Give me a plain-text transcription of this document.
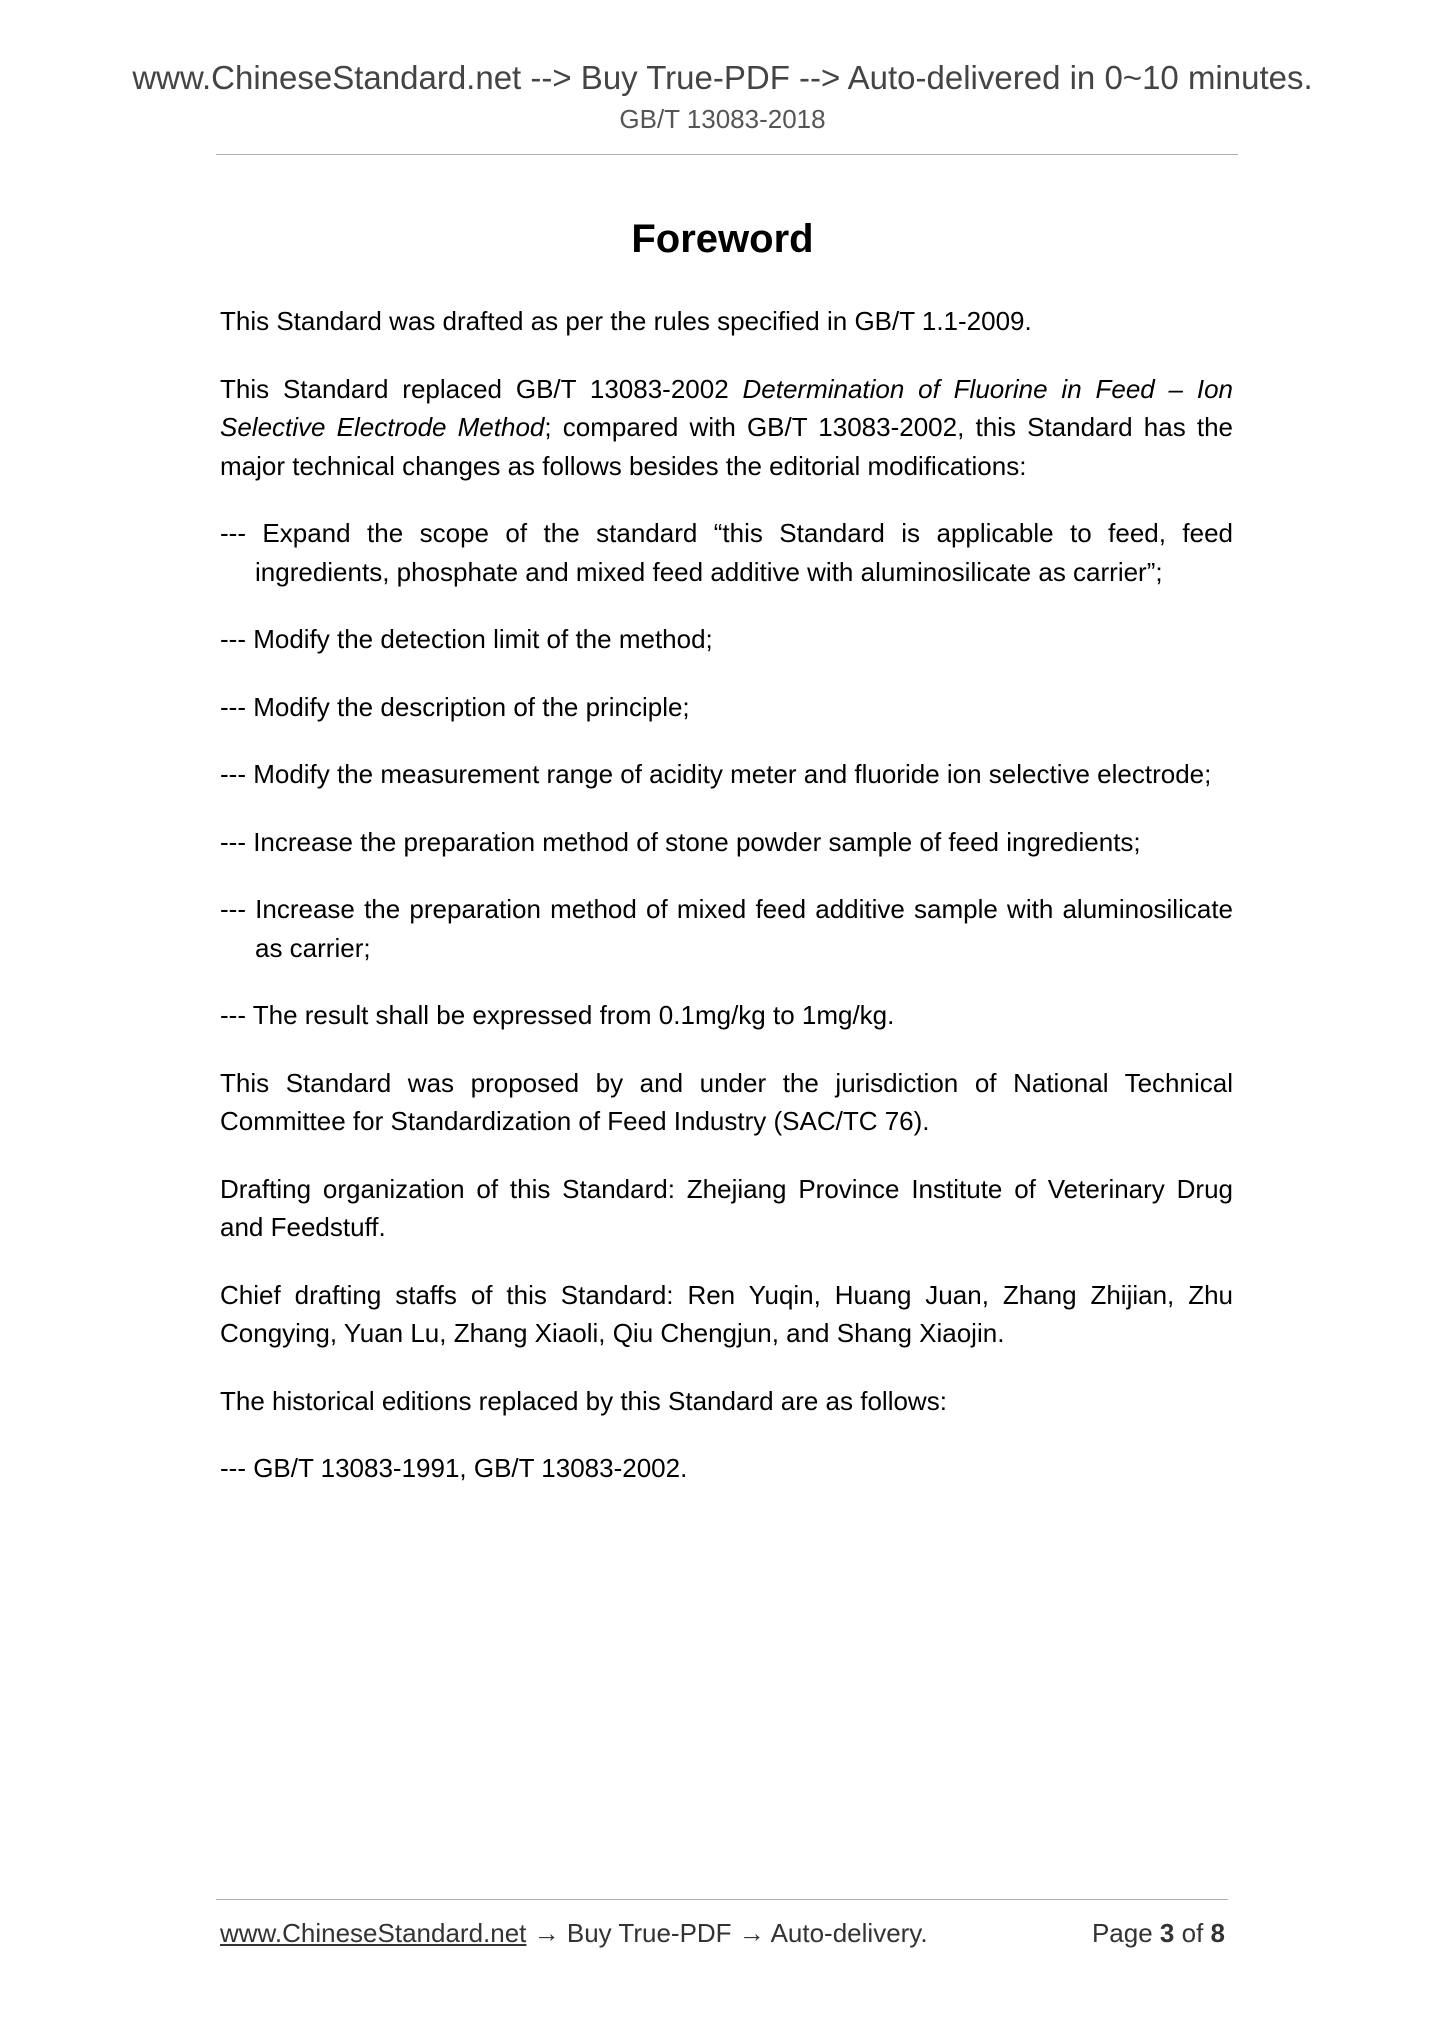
www.ChineseStandard.net --> Buy True-PDF --> Auto-delivered in 0~10 minutes.
GB/T 13083-2018
Foreword

This Standard was drafted as per the rules specified in GB/T 1.1-2009.

This Standard replaced GB/T 13083-2002 Determination of Fluorine in Feed – Ion Selective Electrode Method; compared with GB/T 13083-2002, this Standard has the major technical changes as follows besides the editorial modifications:

--- Expand the scope of the standard “this Standard is applicable to feed, feed ingredients, phosphate and mixed feed additive with aluminosilicate as carrier”;

--- Modify the detection limit of the method;

--- Modify the description of the principle;

--- Modify the measurement range of acidity meter and fluoride ion selective electrode;

--- Increase the preparation method of stone powder sample of feed ingredients;

--- Increase the preparation method of mixed feed additive sample with aluminosilicate as carrier;

--- The result shall be expressed from 0.1mg/kg to 1mg/kg.

This Standard was proposed by and under the jurisdiction of National Technical Committee for Standardization of Feed Industry (SAC/TC 76).

Drafting organization of this Standard: Zhejiang Province Institute of Veterinary Drug and Feedstuff.

Chief drafting staffs of this Standard: Ren Yuqin, Huang Juan, Zhang Zhijian, Zhu Congying, Yuan Lu, Zhang Xiaoli, Qiu Chengjun, and Shang Xiaojin.

The historical editions replaced by this Standard are as follows:

--- GB/T 13083-1991, GB/T 13083-2002.

www.ChineseStandard.net → Buy True-PDF → Auto-delivery.	Page 3 of 8
